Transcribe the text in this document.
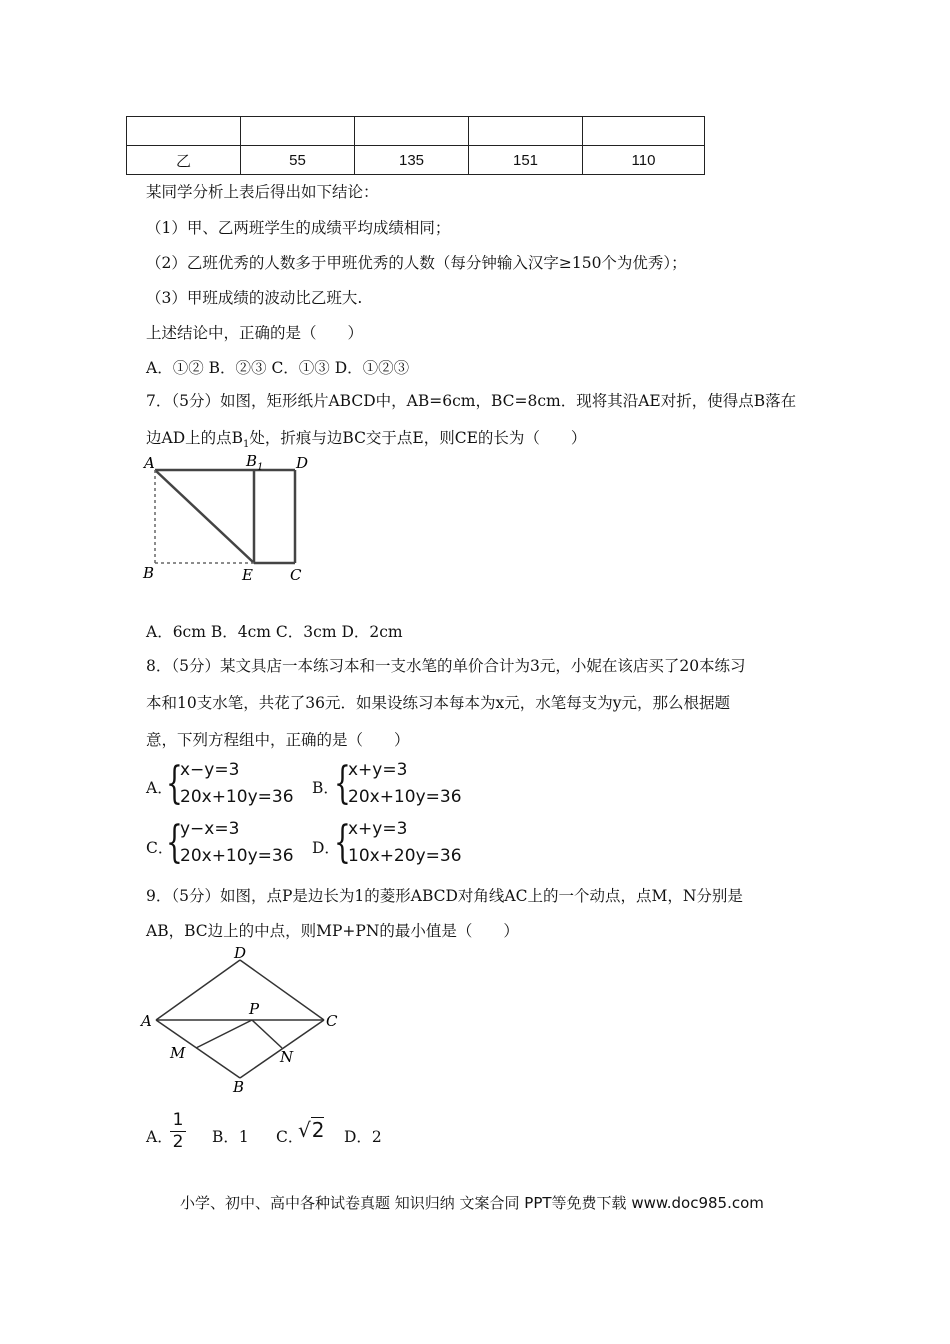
乙	55	135	151	110
某同学分析上表后得出如下结论：
（1）甲、乙两班学生的成绩平均成绩相同；
（2）乙班优秀的人数多于甲班优秀的人数（每分钟输入汉字≥150个为优秀）；
（3）甲班成绩的波动比乙班大.
上述结论中，正确的是（　　）
A．①② B．②③ C．①③ D．①②③
7．（5分）如图，矩形纸片ABCD中，AB=6cm，BC=8cm．现将其沿AE对折，使得点B落在
边AD上的点$B_1$处，折痕与边BC交于点E，则CE的长为（　　）
A	B 1 D
B	E C
A．6cm B．4cm C．3cm D．2cm
8．（5分）某文具店一本练习本和一支水笔的单价合计为3元，小妮在该店买了20本练习
本和10支水笔，共花了36元．如果设练习本每本为x元，水笔每支为y元，那么根据题
意，下列方程组中，正确的是（　　）
A．
{
x−y=3
20x+10y=36 B．
{
x+y=3
20x+10y=36
C．
{
y−x=3
20x+10y=36 D．
{
x+y=3
10x+20y=36
9．（5分）如图，点P是边长为1的菱形ABCD对角线AC上的一个动点，点M，N分别是
AB，BC边上的中点，则MP+PN的最小值是（　　）
D
A
P
C
M	N
B
A．
$\frac{1}{2}$ B．1 C．
√2 D．2
小学、初中、高中各种试卷真题 知识归纳 文案合同 PPT等免费下载 www.doc985.com
